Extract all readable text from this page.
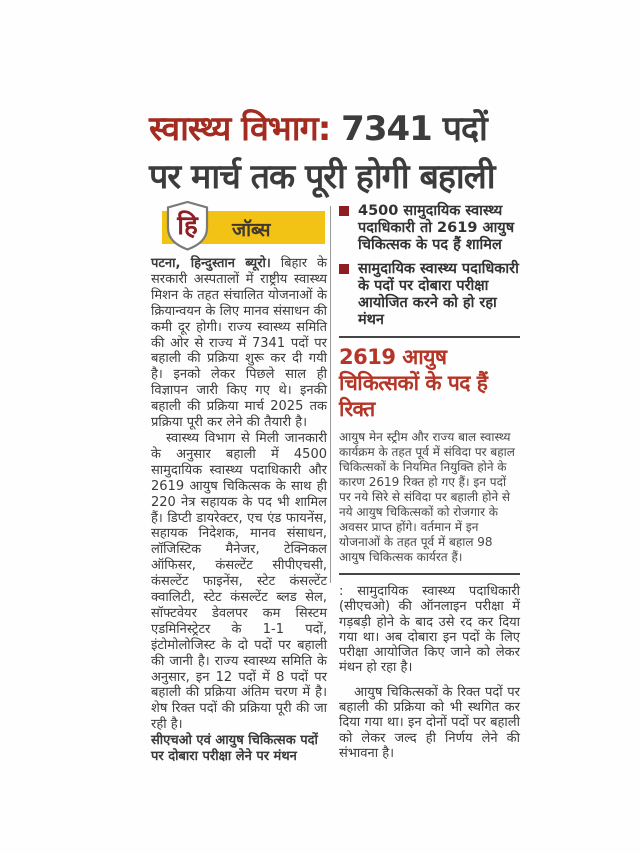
स्वास्थ्य विभाग: 7341 पदों
पर मार्च तक पूरी होगी बहाली
जॉब्स
हि

पटना, हिन्दुस्तान ब्यूरो। बिहार के सरकारी अस्पतालों में राष्ट्रीय स्वास्थ्य मिशन के तहत संचालित योजनाओं के क्रियान्वयन के लिए मानव संसाधन की कमी दूर होगी। राज्य स्वास्थ्य समिति की ओर से राज्य में 7341 पदों पर बहाली की प्रक्रिया शुरू कर दी गयी है। इनको लेकर पिछले साल ही विज्ञापन जारी किए गए थे। इनकी बहाली की प्रक्रिया मार्च 2025 तक प्रक्रिया पूरी कर लेने की तैयारी है।

स्वास्थ्य विभाग से मिली जानकारी के अनुसार बहाली में 4500 सामुदायिक स्वास्थ्य पदाधिकारी और 2619 आयुष चिकित्सक के साथ ही 220 नेत्र सहायक के पद भी शामिल हैं। डिप्टी डायरेक्टर, एच एंड फायनेंस, सहायक निदेशक, मानव संसाधन, लॉजिस्टिक मैनेजर, टेक्निकल ऑफिसर, कंसल्टेंट सीपीएचसी, कंसल्टेंट फाइनेंस, स्टेट कंसल्टेंट क्वालिटी, स्टेट कंसल्टेंट ब्लड सेल, सॉफ्टवेयर डेवलपर कम सिस्टम एडमिनिस्ट्रेटर के 1-1 पदों, इंटोमोलोजिस्ट के दो पदों पर बहाली की जानी है। राज्य स्वास्थ्य समिति के अनुसार, इन 12 पदों में 8 पदों पर बहाली की प्रक्रिया अंतिम चरण में है। शेष रिक्त पदों की प्रक्रिया पूरी की जा रही है।

सीएचओ एवं आयुष चिकित्सक पदों पर दोबारा परीक्षा लेने पर मंथन

4500 सामुदायिक स्वास्थ्य पदाधिकारी तो 2619 आयुष चिकित्सक के पद हैं शामिल
सामुदायिक स्वास्थ्य पदाधिकारी के पदों पर दोबारा परीक्षा आयोजित करने को हो रहा मंथन
2619 आयुष चिकित्सकों के पद हैं रिक्त

आयुष मेन स्ट्रीम और राज्य बाल स्वास्थ्य कार्यक्रम के तहत पूर्व में संविदा पर बहाल चिकित्सकों के नियमित नियुक्ति होने के कारण 2619 रिक्त हो गए हैं। इन पदों पर नये सिरे से संविदा पर बहाली होने से नये आयुष चिकित्सकों को रोजगार के अवसर प्राप्त होंगे। वर्तमान में इन योजनाओं के तहत पूर्व में बहाल 98 आयुष चिकित्सक कार्यरत हैं।

: सामुदायिक स्वास्थ्य पदाधिकारी (सीएचओ) की ऑनलाइन परीक्षा में गड़बड़ी होने के बाद उसे रद कर दिया गया था। अब दोबारा इन पदों के लिए परीक्षा आयोजित किए जाने को लेकर मंथन हो रहा है।

आयुष चिकित्सकों के रिक्त पदों पर बहाली की प्रक्रिया को भी स्थगित कर दिया गया था। इन दोनों पदों पर बहाली को लेकर जल्द ही निर्णय लेने की संभावना है।
